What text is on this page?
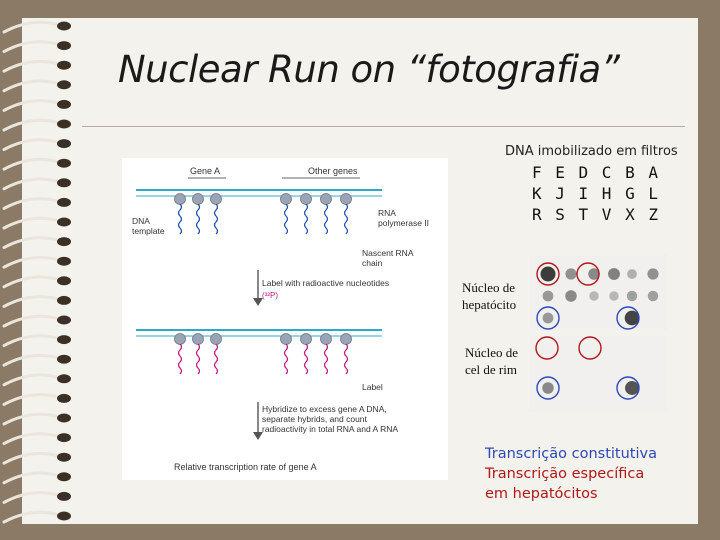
Nuclear Run on “fotografia”
DNA imobilizado em filtros
F E D C B A
K J I H G L
R S T V X Z
Gene A	Other genes
DNA
template
RNA
polymerase II
Nascent RNA
chain
Label with radioactive nucleotides
(³²P)
Label
Hybridize to excess gene A DNA,
separate hybrids, and count
radioactivity in total RNA and A RNA
Relative transcription rate of gene A
Núcleo de
hepatócito
Núcleo de
cel de rim
Transcrição constitutiva
Transcrição específica
em hepatócitos
